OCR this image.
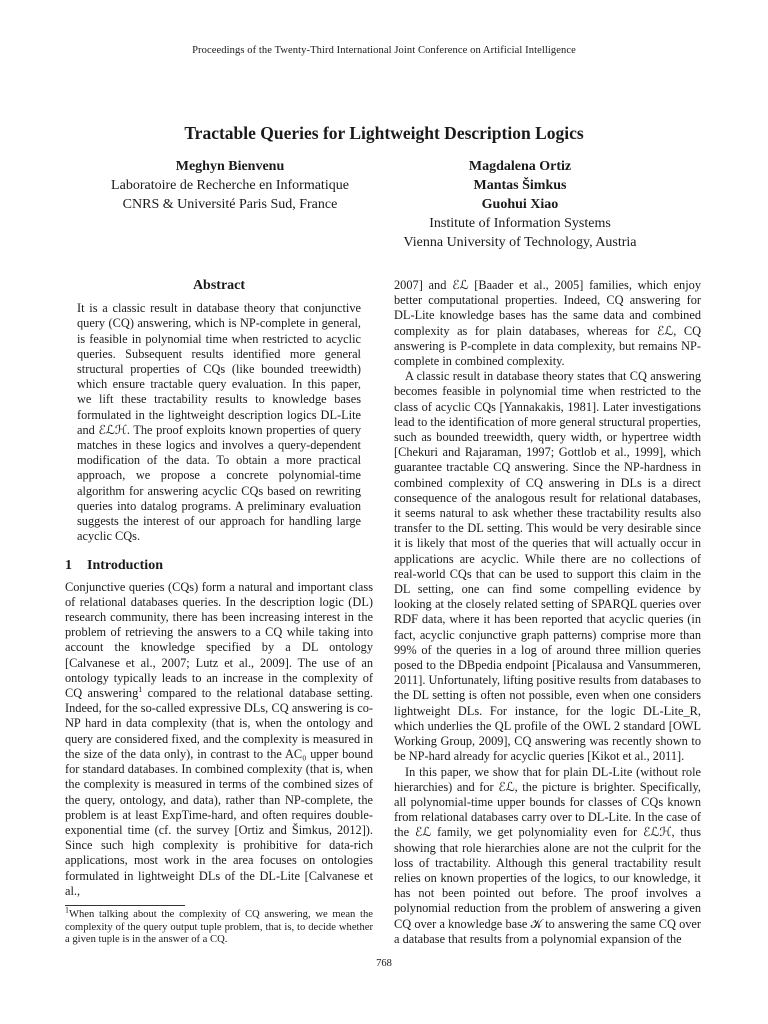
Proceedings of the Twenty-Third International Joint Conference on Artificial Intelligence
Tractable Queries for Lightweight Description Logics
Meghyn Bienvenu
Laboratoire de Recherche en Informatique
CNRS & Université Paris Sud, France
Magdalena Ortiz
Mantas Šimkus
Guohui Xiao
Institute of Information Systems
Vienna University of Technology, Austria
Abstract

It is a classic result in database theory that conjunctive query (CQ) answering, which is NP-complete in general, is feasible in polynomial time when restricted to acyclic queries. Subsequent results identified more general structural properties of CQs (like bounded treewidth) which ensure tractable query evaluation. In this paper, we lift these tractability results to knowledge bases formulated in the lightweight description logics DL-Lite and ℰℒℋ. The proof exploits known properties of query matches in these logics and involves a query-dependent modification of the data. To obtain a more practical approach, we propose a concrete polynomial-time algorithm for answering acyclic CQs based on rewriting queries into datalog programs. A preliminary evaluation suggests the interest of our approach for handling large acyclic CQs.

1 Introduction

Conjunctive queries (CQs) form a natural and important class of relational databases queries. In the description logic (DL) research community, there has been increasing interest in the problem of retrieving the answers to a CQ while taking into account the knowledge specified by a DL ontology [Calvanese et al., 2007; Lutz et al., 2009]. The use of an ontology typically leads to an increase in the complexity of CQ answering$^1$ compared to the relational database setting. Indeed, for the so-called expressive DLs, CQ answering is co-NP hard in data complexity (that is, when the ontology and query are considered fixed, and the complexity is measured in the size of the data only), in contrast to the AC₀ upper bound for standard databases. In combined complexity (that is, when the complexity is measured in terms of the combined sizes of the query, ontology, and data), rather than NP-complete, the problem is at least ExpTime-hard, and often requires double-exponential time (cf. the survey [Ortiz and Šimkus, 2012]). Since such high complexity is prohibitive for data-rich applications, most work in the area focuses on ontologies formulated in lightweight DLs of the DL-Lite [Calvanese et al.,

$^1$When talking about the complexity of CQ answering, we mean the complexity of the query output tuple problem, that is, to decide whether a given tuple is in the answer of a CQ.

2007] and ℰℒ [Baader et al., 2005] families, which enjoy better computational properties. Indeed, CQ answering for DL-Lite knowledge bases has the same data and combined complexity as for plain databases, whereas for ℰℒ, CQ answering is P-complete in data complexity, but remains NP-complete in combined complexity.

A classic result in database theory states that CQ answering becomes feasible in polynomial time when restricted to the class of acyclic CQs [Yannakakis, 1981]. Later investigations lead to the identification of more general structural properties, such as bounded treewidth, query width, or hypertree width [Chekuri and Rajaraman, 1997; Gottlob et al., 1999], which guarantee tractable CQ answering. Since the NP-hardness in combined complexity of CQ answering in DLs is a direct consequence of the analogous result for relational databases, it seems natural to ask whether these tractability results also transfer to the DL setting. This would be very desirable since it is likely that most of the queries that will actually occur in applications are acyclic. While there are no collections of real-world CQs that can be used to support this claim in the DL setting, one can find some compelling evidence by looking at the closely related setting of SPARQL queries over RDF data, where it has been reported that acyclic queries (in fact, acyclic conjunctive graph patterns) comprise more than 99% of the queries in a log of around three million queries posed to the DBpedia endpoint [Picalausa and Vansummeren, 2011]. Unfortunately, lifting positive results from databases to the DL setting is often not possible, even when one considers lightweight DLs. For instance, for the logic DL-Lite_R, which underlies the QL profile of the OWL 2 standard [OWL Working Group, 2009], CQ answering was recently shown to be NP-hard already for acyclic queries [Kikot et al., 2011].

In this paper, we show that for plain DL-Lite (without role hierarchies) and for ℰℒ, the picture is brighter. Specifically, all polynomial-time upper bounds for classes of CQs known from relational databases carry over to DL-Lite. In the case of the ℰℒ family, we get polynomiality even for ℰℒℋ, thus showing that role hierarchies alone are not the culprit for the loss of tractability. Although this general tractability result relies on known properties of the logics, to our knowledge, it has not been pointed out before. The proof involves a polynomial reduction from the problem of answering a given CQ over a knowledge base 𝒦 to answering the same CQ over a database that results from a polynomial expansion of the

768
